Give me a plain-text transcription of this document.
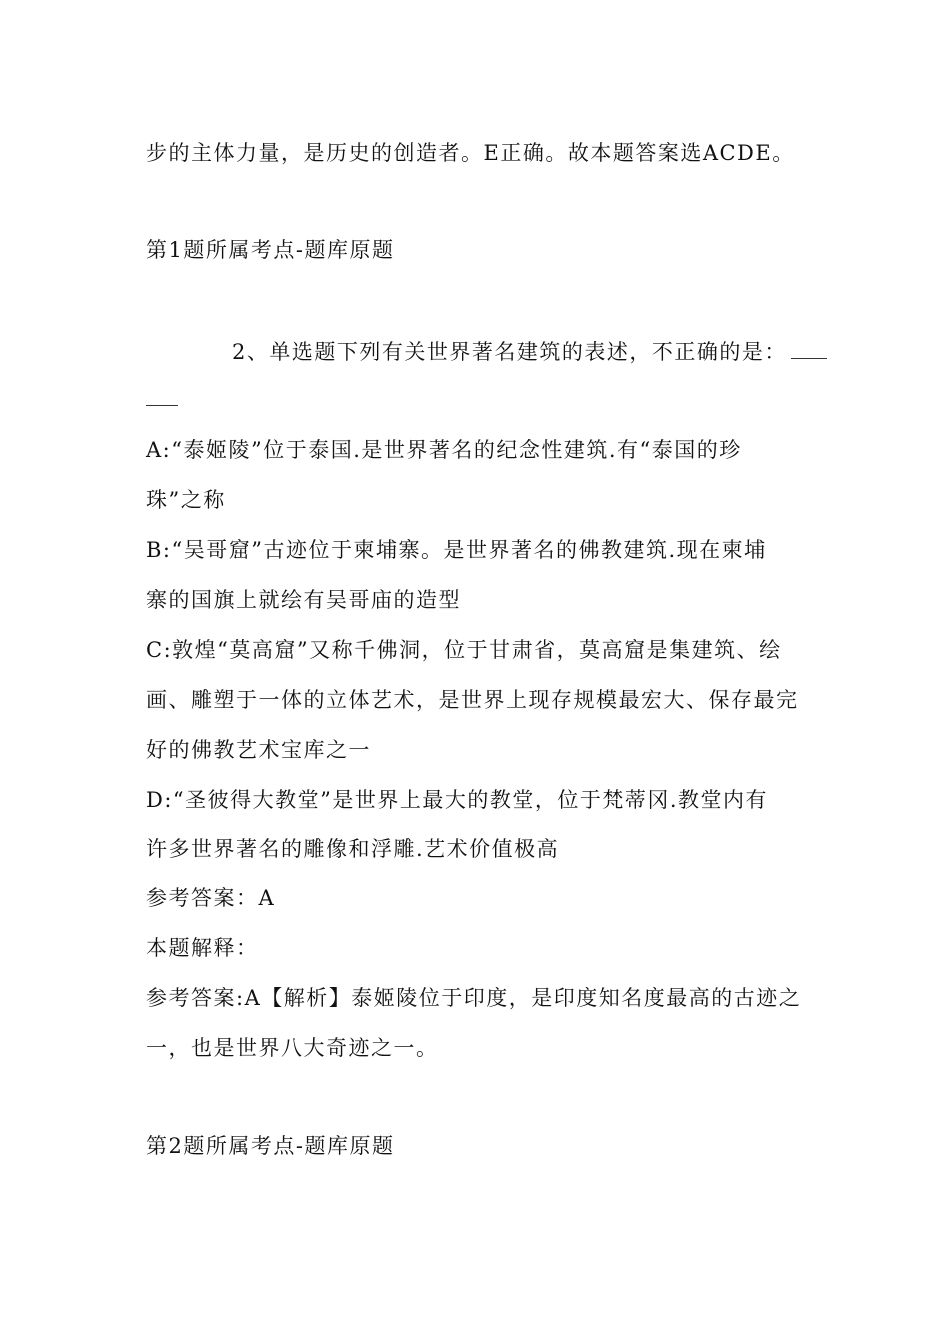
步的主体力量，是历史的创造者。E正确。故本题答案选ACDE。
第1题所属考点-题库原题
2、单选题下列有关世界著名建筑的表述，不正确的是：
A:“泰姬陵”位于泰国.是世界著名的纪念性建筑.有“泰国的珍
珠”之称
B:“吴哥窟”古迹位于柬埔寨。是世界著名的佛教建筑.现在柬埔
寨的国旗上就绘有吴哥庙的造型
C:敦煌“莫高窟”又称千佛洞，位于甘肃省，莫高窟是集建筑、绘
画、雕塑于一体的立体艺术，是世界上现存规模最宏大、保存最完
好的佛教艺术宝库之一
D:“圣彼得大教堂”是世界上最大的教堂，位于梵蒂冈.教堂内有
许多世界著名的雕像和浮雕.艺术价值极高
参考答案：A
本题解释：
参考答案:A【解析】泰姬陵位于印度，是印度知名度最高的古迹之
一，也是世界八大奇迹之一。
第2题所属考点-题库原题
